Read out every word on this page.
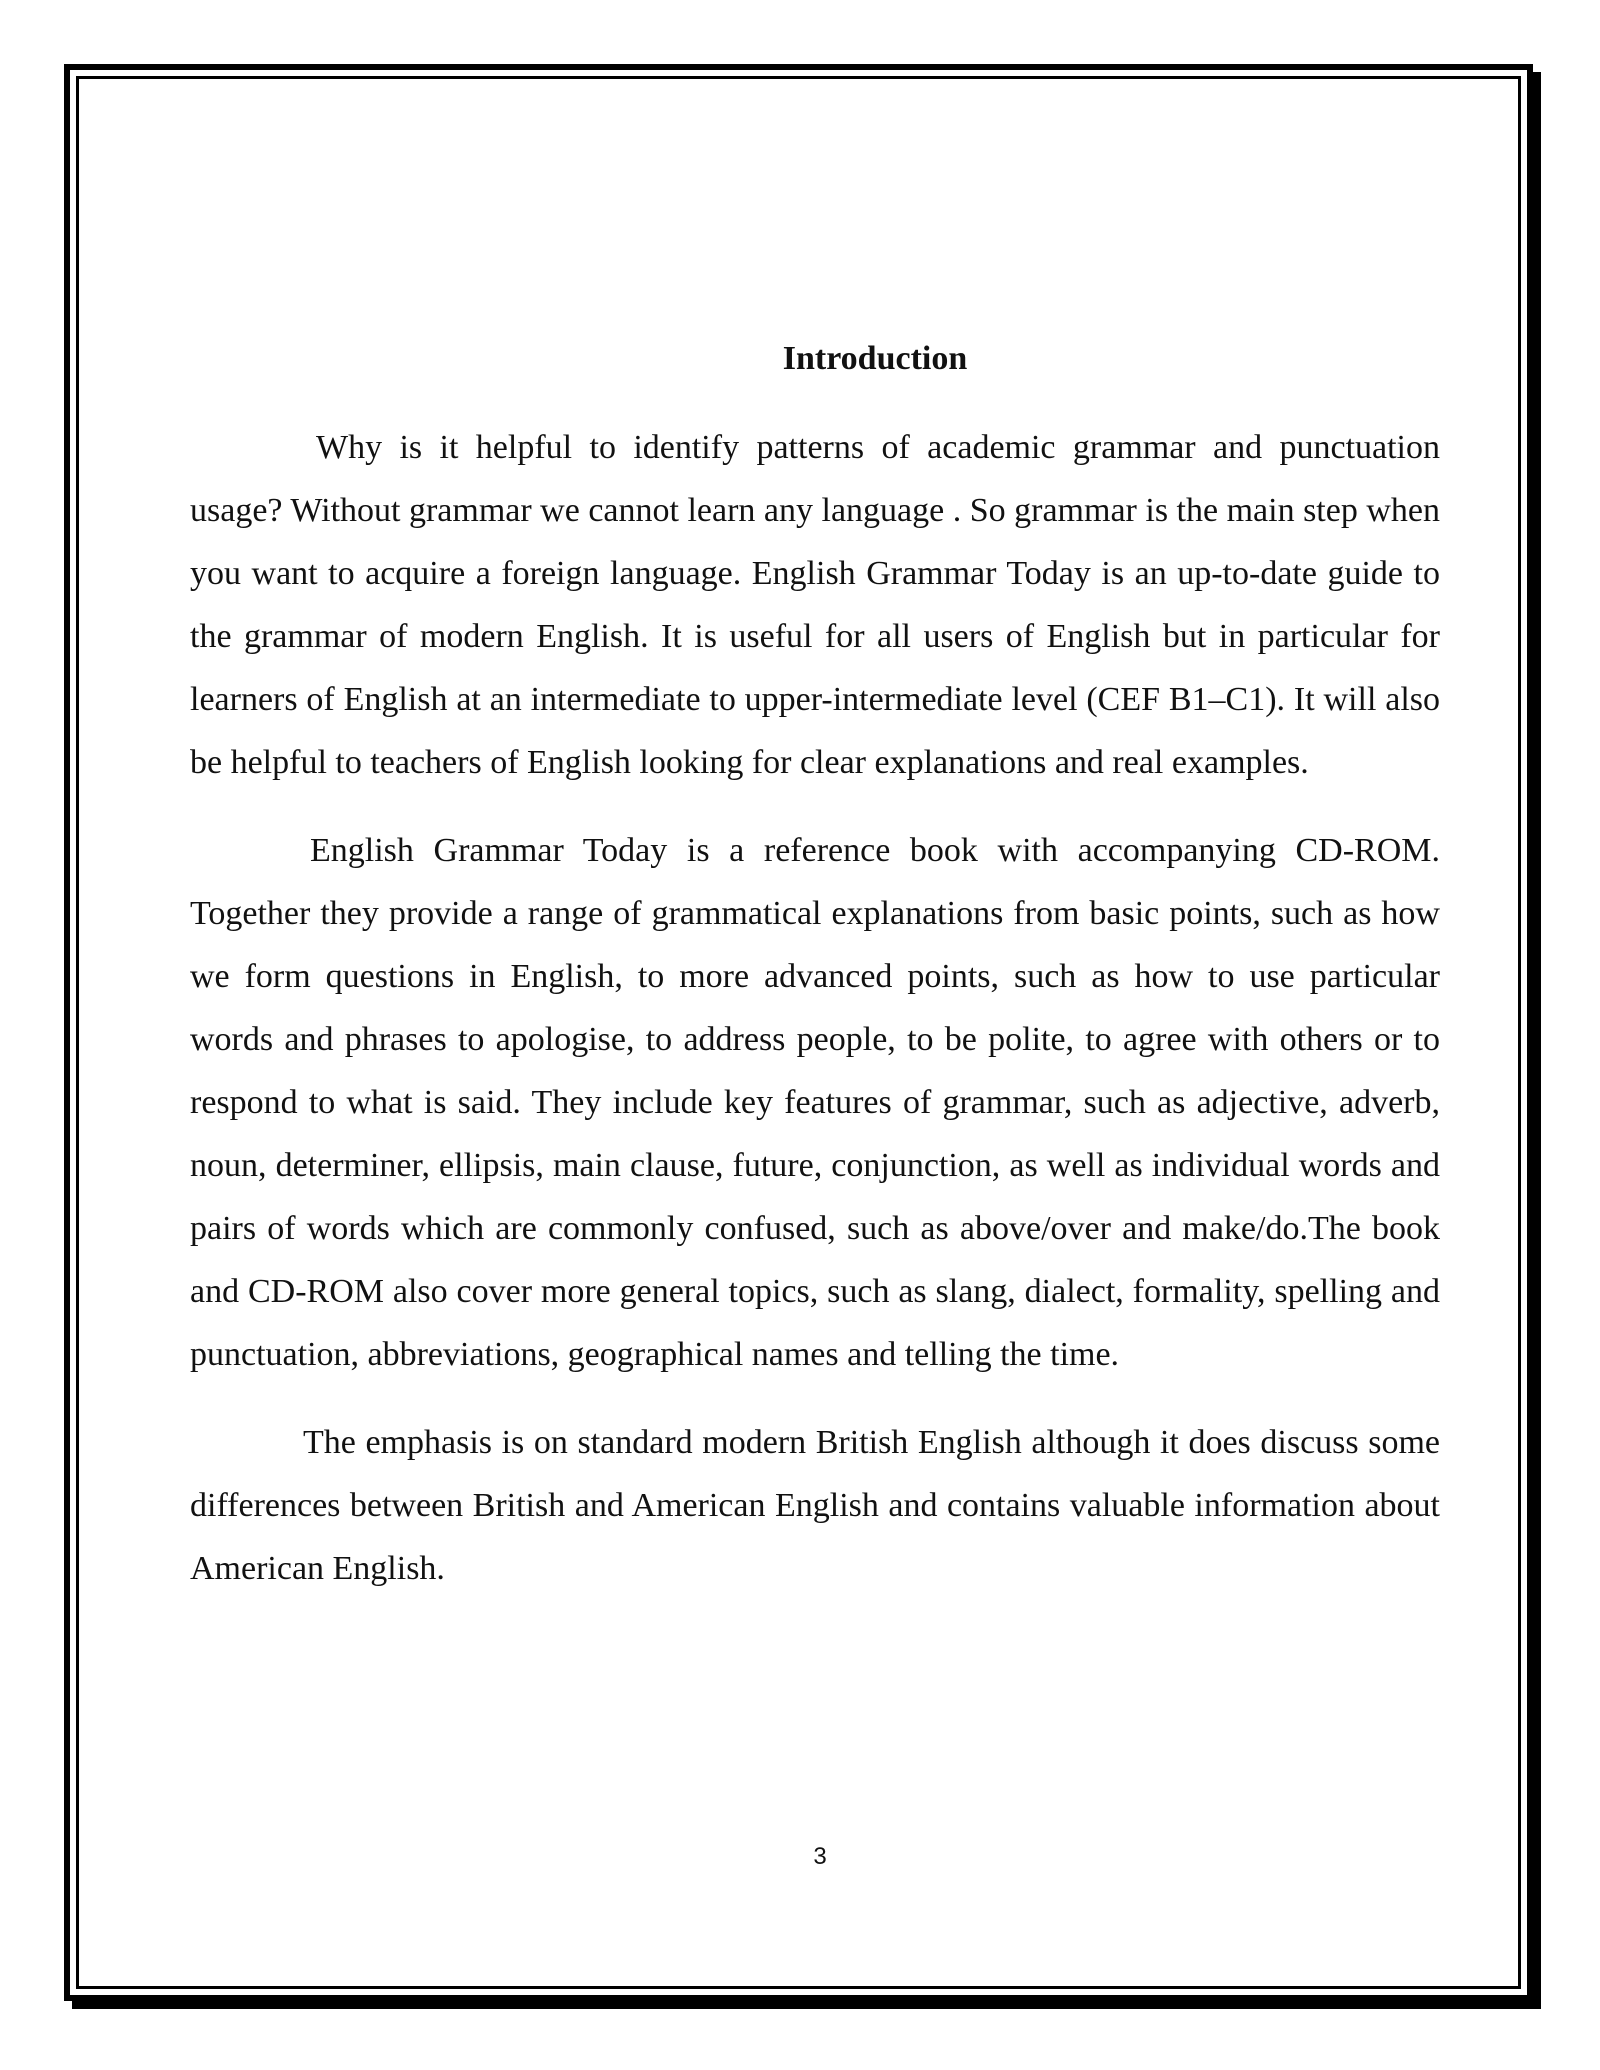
Introduction

Why is it helpful to identify patterns of academic grammar and punctuation usage? Without grammar we cannot learn any language . So grammar is the main step when you want to acquire a foreign language. English Grammar Today is an up-to-date guide to the grammar of modern English. It is useful for all users of English but in particular for learners of English at an intermediate to upper-intermediate level (CEF B1–C1). It will also be helpful to teachers of English looking for clear explanations and real examples.

English Grammar Today is a reference book with accompanying CD-ROM. Together they provide a range of grammatical explanations from basic points, such as how we form questions in English, to more advanced points, such as how to use particular words and phrases to apologise, to address people, to be polite, to agree with others or to respond to what is said. They include key features of grammar, such as adjective, adverb, noun, determiner, ellipsis, main clause, future, conjunction, as well as individual words and pairs of words which are commonly confused, such as above/over and make/do.The book and CD-ROM also cover more general topics, such as slang, dialect, formality, spelling and punctuation, abbreviations, geographical names and telling the time.

The emphasis is on standard modern British English although it does discuss some differences between British and American English and contains valuable information about American English.

3
